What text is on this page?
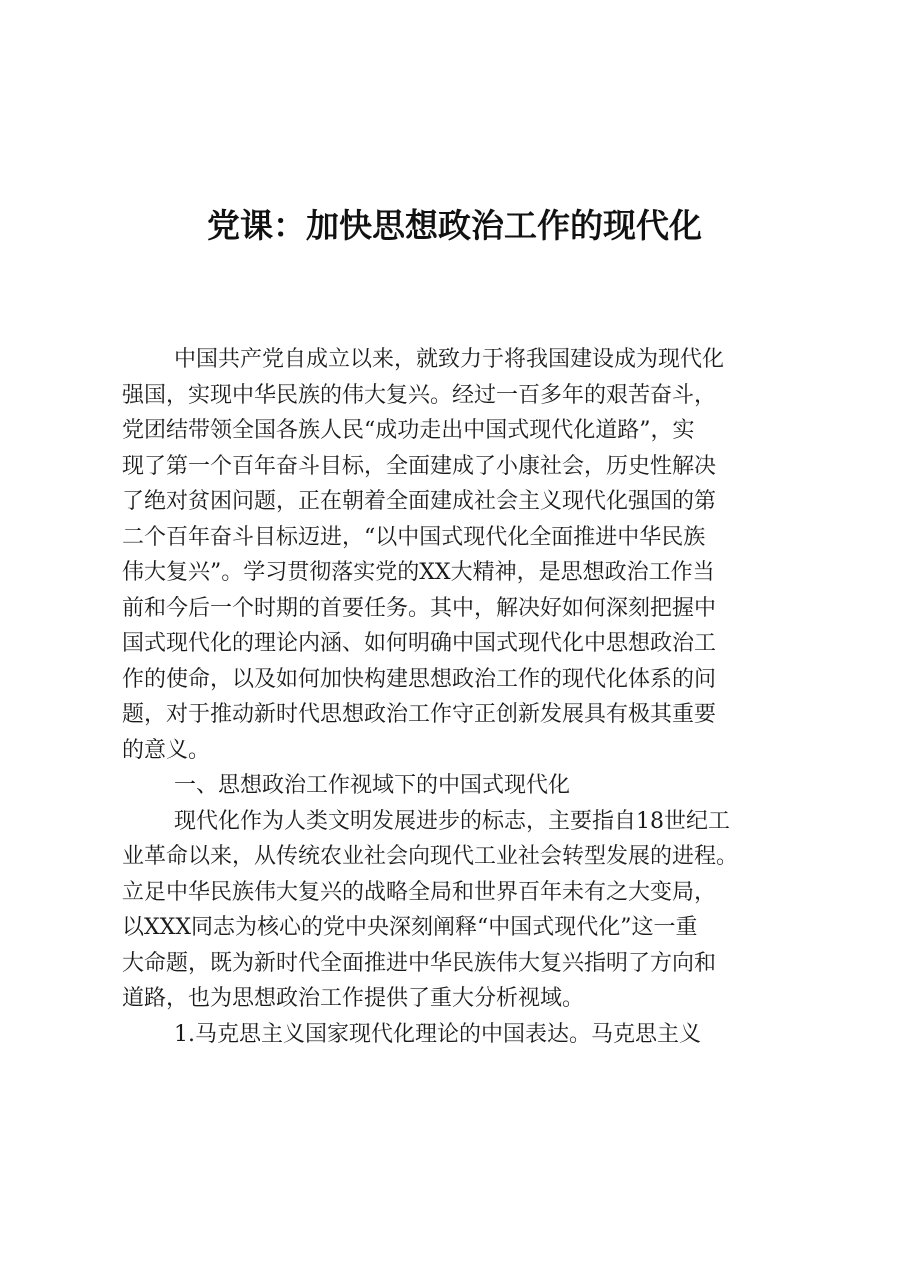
党课：加快思想政治工作的现代化
中国共产党自成立以来，就致力于将我国建设成为现代化
强国，实现中华民族的伟大复兴。经过一百多年的艰苦奋斗，
党团结带领全国各族人民“成功走出中国式现代化道路”，实
现了第一个百年奋斗目标，全面建成了小康社会，历史性解决
了绝对贫困问题，正在朝着全面建成社会主义现代化强国的第
二个百年奋斗目标迈进，“以中国式现代化全面推进中华民族
伟大复兴”。学习贯彻落实党的XX大精神，是思想政治工作当
前和今后一个时期的首要任务。其中，解决好如何深刻把握中
国式现代化的理论内涵、如何明确中国式现代化中思想政治工
作的使命，以及如何加快构建思想政治工作的现代化体系的问
题，对于推动新时代思想政治工作守正创新发展具有极其重要
的意义。
一、思想政治工作视域下的中国式现代化
现代化作为人类文明发展进步的标志，主要指自18世纪工
业革命以来，从传统农业社会向现代工业社会转型发展的进程。
立足中华民族伟大复兴的战略全局和世界百年未有之大变局，
以XXX同志为核心的党中央深刻阐释“中国式现代化”这一重
大命题，既为新时代全面推进中华民族伟大复兴指明了方向和
道路，也为思想政治工作提供了重大分析视域。
1.马克思主义国家现代化理论的中国表达。马克思主义
